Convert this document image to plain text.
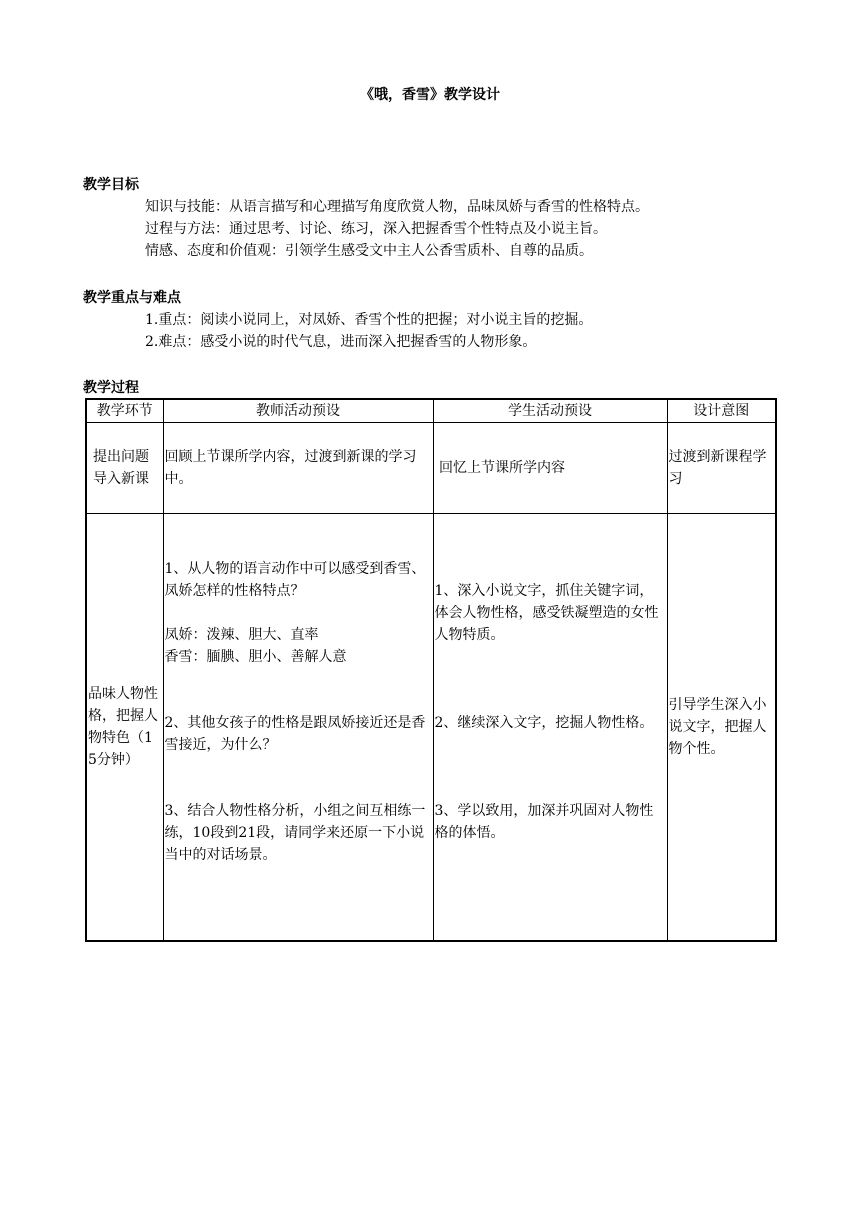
《哦，香雪》教学设计
教学目标
知识与技能：从语言描写和心理描写角度欣赏人物，品味凤娇与香雪的性格特点。
过程与方法：通过思考、讨论、练习，深入把握香雪个性特点及小说主旨。
情感、态度和价值观：引领学生感受文中主人公香雪质朴、自尊的品质。
教学重点与难点
1.重点：阅读小说同上，对凤娇、香雪个性的把握；对小说主旨的挖掘。
2.难点：感受小说的时代气息，进而深入把握香雪的人物形象。
教学过程
教学环节	教师活动预设	学生活动预设	设计意图
提出问题导入新课	回顾上节课所学内容，过渡到新课的学习中。	回忆上节课所学内容	过渡到新课程学习
品味人物性格，把握人物特色（15分钟）	1、从人物的语言动作中可以感受到香雪、凤娇怎样的性格特点？
凤娇：泼辣、胆大、直率
香雪：腼腆、胆小、善解人意
2、其他女孩子的性格是跟凤娇接近还是香雪接近，为什么？
3、结合人物性格分析，小组之间互相练一练，10段到21段，请同学来还原一下小说当中的对话场景。	1、深入小说文字，抓住关键字词，体会人物性格，感受铁凝塑造的女性人物特质。
2、继续深入文字，挖掘人物性格。
3、学以致用，加深并巩固对人物性格的体悟。	引导学生深入小说文字，把握人物个性。
